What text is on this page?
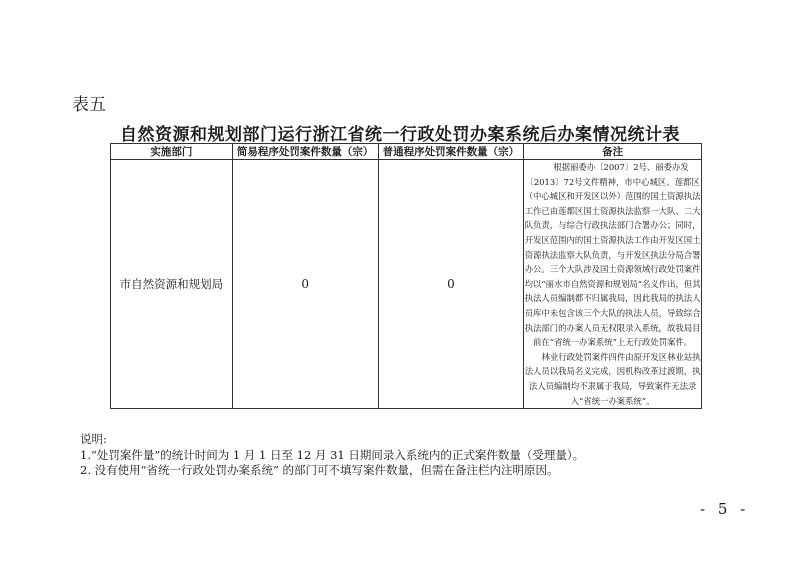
表五
自然资源和规划部门运行浙江省统一行政处罚办案系统后办案情况统计表
实施部门	简易程序处罚案件数量（宗）	普通程序处罚案件数量（宗）	备注
市自然资源和规划局	0	0	根据丽委办〔2007〕2号、丽委办发〔2013〕72号文件精神，市中心城区、莲都区（中心城区和开发区以外）范围的国土资源执法工作已由莲都区国土资源执法监察一大队、二大队负责，与综合行政执法部门合署办公；同时，开发区范围内的国土资源执法工作由开发区国土资源执法监察大队负责，与开发区执法分局合署办公。三个大队涉及国土资源领域行政处罚案件均以“丽水市自然资源和规划局”名义作出，但其执法人员编制都不归属我局，因此我局的执法人员库中未包含该三个大队的执法人员，导致综合执法部门的办案人员无权限录入系统，故我局目前在“省统一办案系统”上无行政处罚案件。

林业行政处罚案件四件由原开发区林业站执法人员以我局名义完成，因机构改革过渡期，执法人员编制均不隶属于我局，导致案件无法录入“省统一办案系统”。

说明:
1.“处罚案件量”的统计时间为 1 月 1 日至 12 月 31 日期间录入系统内的正式案件数量（受理量）。
2. 没有使用“省统一行政处罚办案系统” 的部门可不填写案件数量，但需在备注栏内注明原因。
- 5 -
